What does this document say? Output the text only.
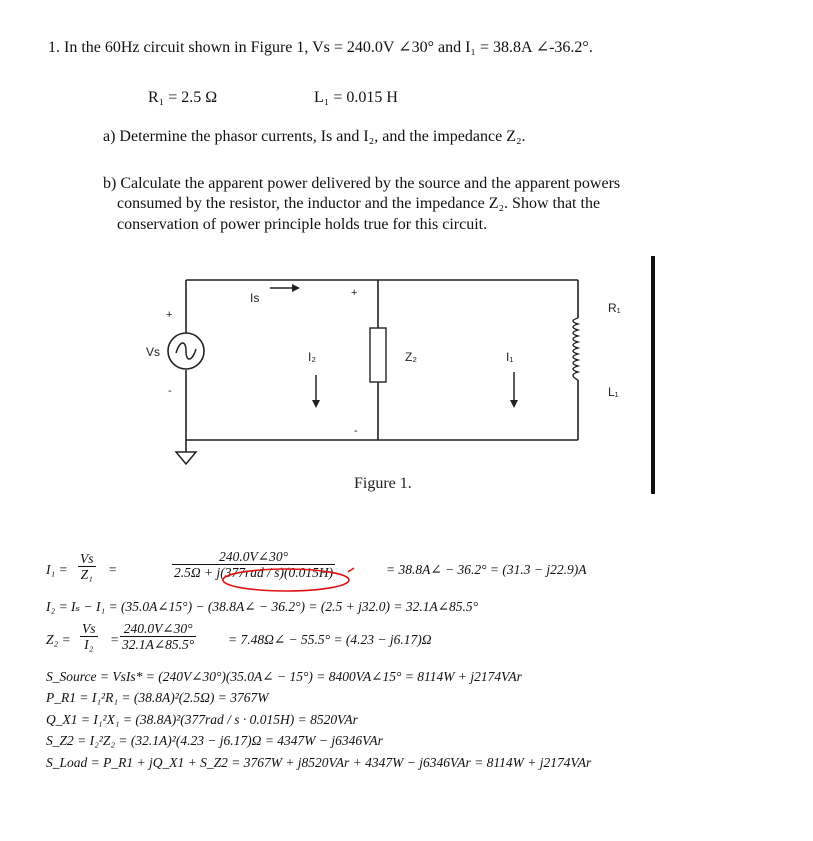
1. In the 60Hz circuit shown in Figure 1, Vs = 240.0V ∠30° and I₁ = 38.8A ∠-36.2°.
R₁ = 2.5 Ω	L₁ = 0.015 H
a) Determine the phasor currents, Is and I₂, and the impedance Z₂.
b) Calculate the apparent power delivered by the source and the apparent powers
consumed by the resistor, the inductor and the impedance Z₂. Show that the
conservation of power principle holds true for this circuit.
Is
Vs
+
-
+
-
I₂	Z₂	I₁
R₁
L₁
Figure 1.
$I_1 = \frac{Vs}{\text{Z₁}}$ =
240.0V∠30°
2.5Ω + j(377rad / s)(0.015H)	= 38.8A∠ − 36.2° = (31.3 − j22.9)A
I₂ = Iₛ − I₁ = (35.0A∠15°) − (38.8A∠ − 36.2°) = (2.5 + j32.0) = 32.1A∠85.5°
$Z_2 = \frac{Vs}{\text{I₂}} = \frac{240.0V\angle 30^\circ}{32.1A\angle 85.5^\circ}$ = 7.48Ω∠ − 55.5° = (4.23 − j6.17)Ω
S_Source = VsIs* = (240V∠30°)(35.0A∠ − 15°) = 8400VA∠15° = 8114W + j2174VAr
P_R1 = I₁²R₁ = (38.8A)²(2.5Ω) = 3767W
Q_X1 = I₁²X₁ = (38.8A)²(377rad / s · 0.015H) = 8520VAr
S_Z2 = I₂²Z₂ = (32.1A)²(4.23 − j6.17)Ω = 4347W − j6346VAr
S_Load = P_R1 + jQ_X1 + S_Z2 = 3767W + j8520VAr + 4347W − j6346VAr = 8114W + j2174VAr
